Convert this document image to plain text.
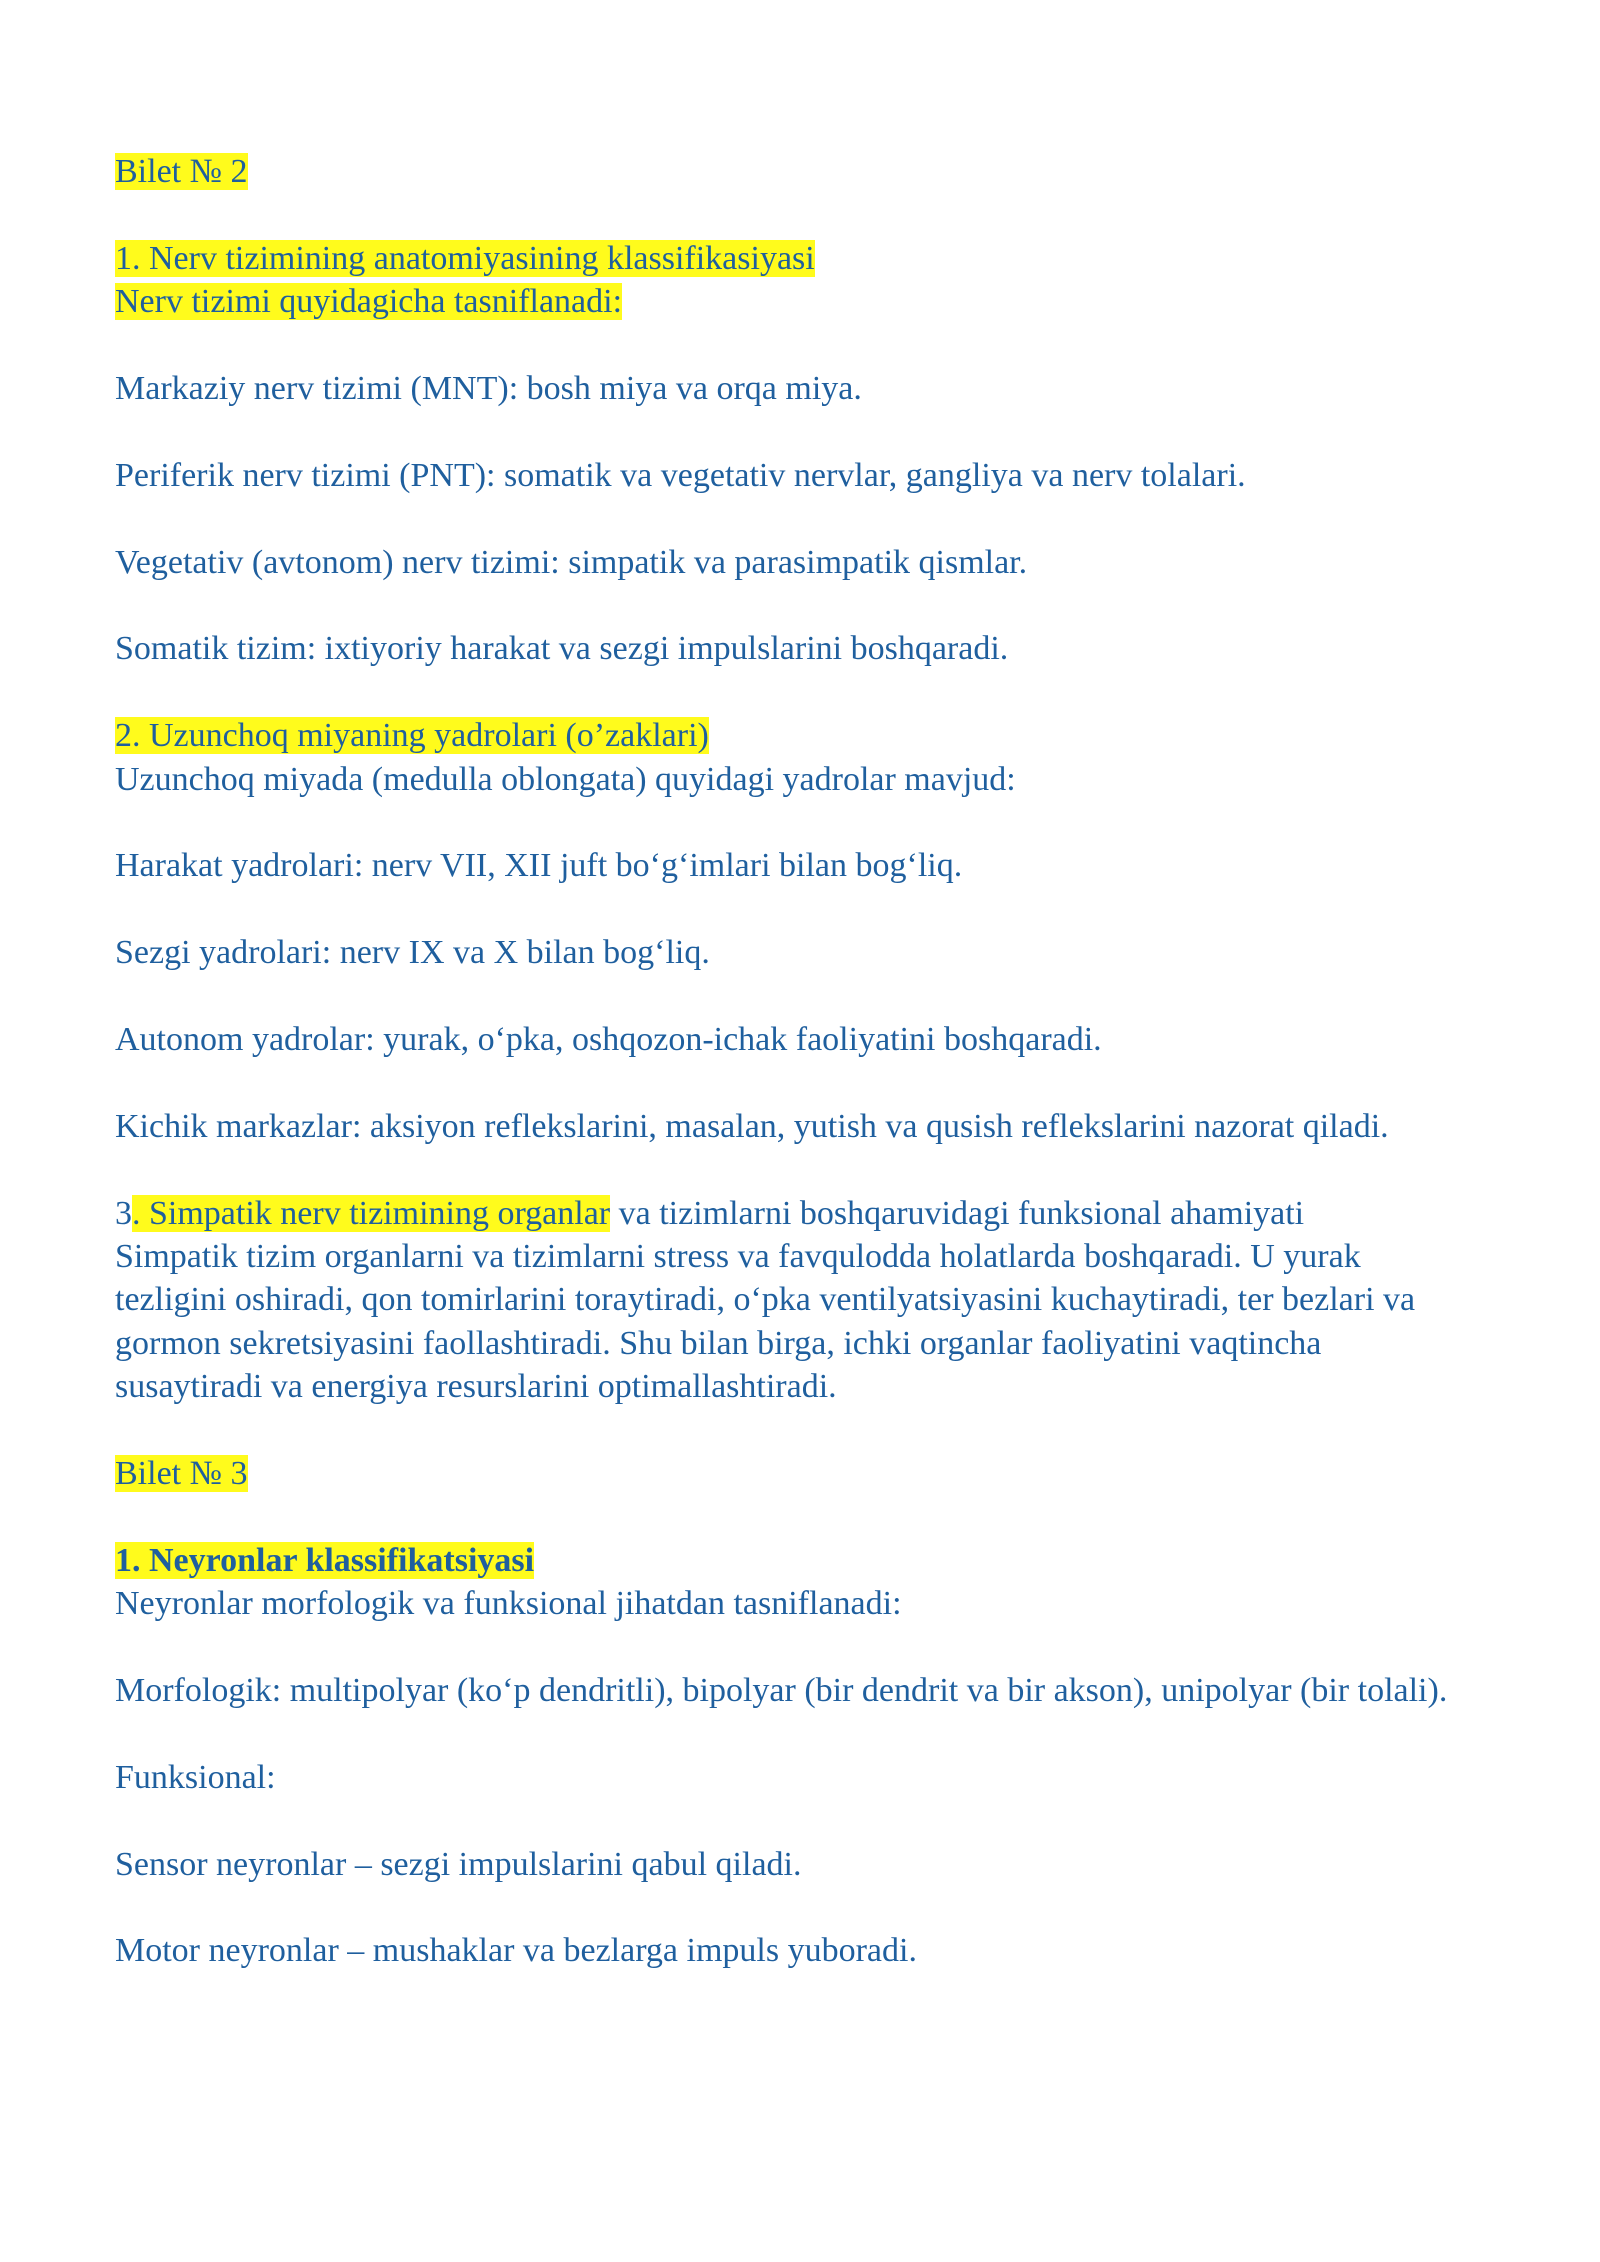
Bilet № 2

1. Nerv tizimining anatomiyasining klassifikasiyasi

Nerv tizimi quyidagicha tasniflanadi:

Markaziy nerv tizimi (MNT): bosh miya va orqa miya.

Periferik nerv tizimi (PNT): somatik va vegetativ nervlar, gangliya va nerv tolalari.

Vegetativ (avtonom) nerv tizimi: simpatik va parasimpatik qismlar.

Somatik tizim: ixtiyoriy harakat va sezgi impulslarini boshqaradi.

2. Uzunchoq miyaning yadrolari (o’zaklari)

Uzunchoq miyada (medulla oblongata) quyidagi yadrolar mavjud:

Harakat yadrolari: nerv VII, XII juft bo‘g‘imlari bilan bog‘liq.

Sezgi yadrolari: nerv IX va X bilan bog‘liq.

Autonom yadrolar: yurak, o‘pka, oshqozon-ichak faoliyatini boshqaradi.

Kichik markazlar: aksiyon reflekslarini, masalan, yutish va qusish reflekslarini nazorat qiladi.

3. Simpatik nerv tizimining organlar va tizimlarni boshqaruvidagi funksional ahamiyati

Simpatik tizim organlarni va tizimlarni stress va favqulodda holatlarda boshqaradi. U yurak tezligini oshiradi, qon tomirlarini toraytiradi, o‘pka ventilyatsiyasini kuchaytiradi, ter bezlari va gormon sekretsiyasini faollashtiradi. Shu bilan birga, ichki organlar faoliyatini vaqtincha susaytiradi va energiya resurslarini optimallashtiradi.

Bilet № 3

1. Neyronlar klassifikatsiyasi

Neyronlar morfologik va funksional jihatdan tasniflanadi:

Morfologik: multipolyar (ko‘p dendritli), bipolyar (bir dendrit va bir akson), unipolyar (bir tolali).

Funksional:

Sensor neyronlar – sezgi impulslarini qabul qiladi.

Motor neyronlar – mushaklar va bezlarga impuls yuboradi.
